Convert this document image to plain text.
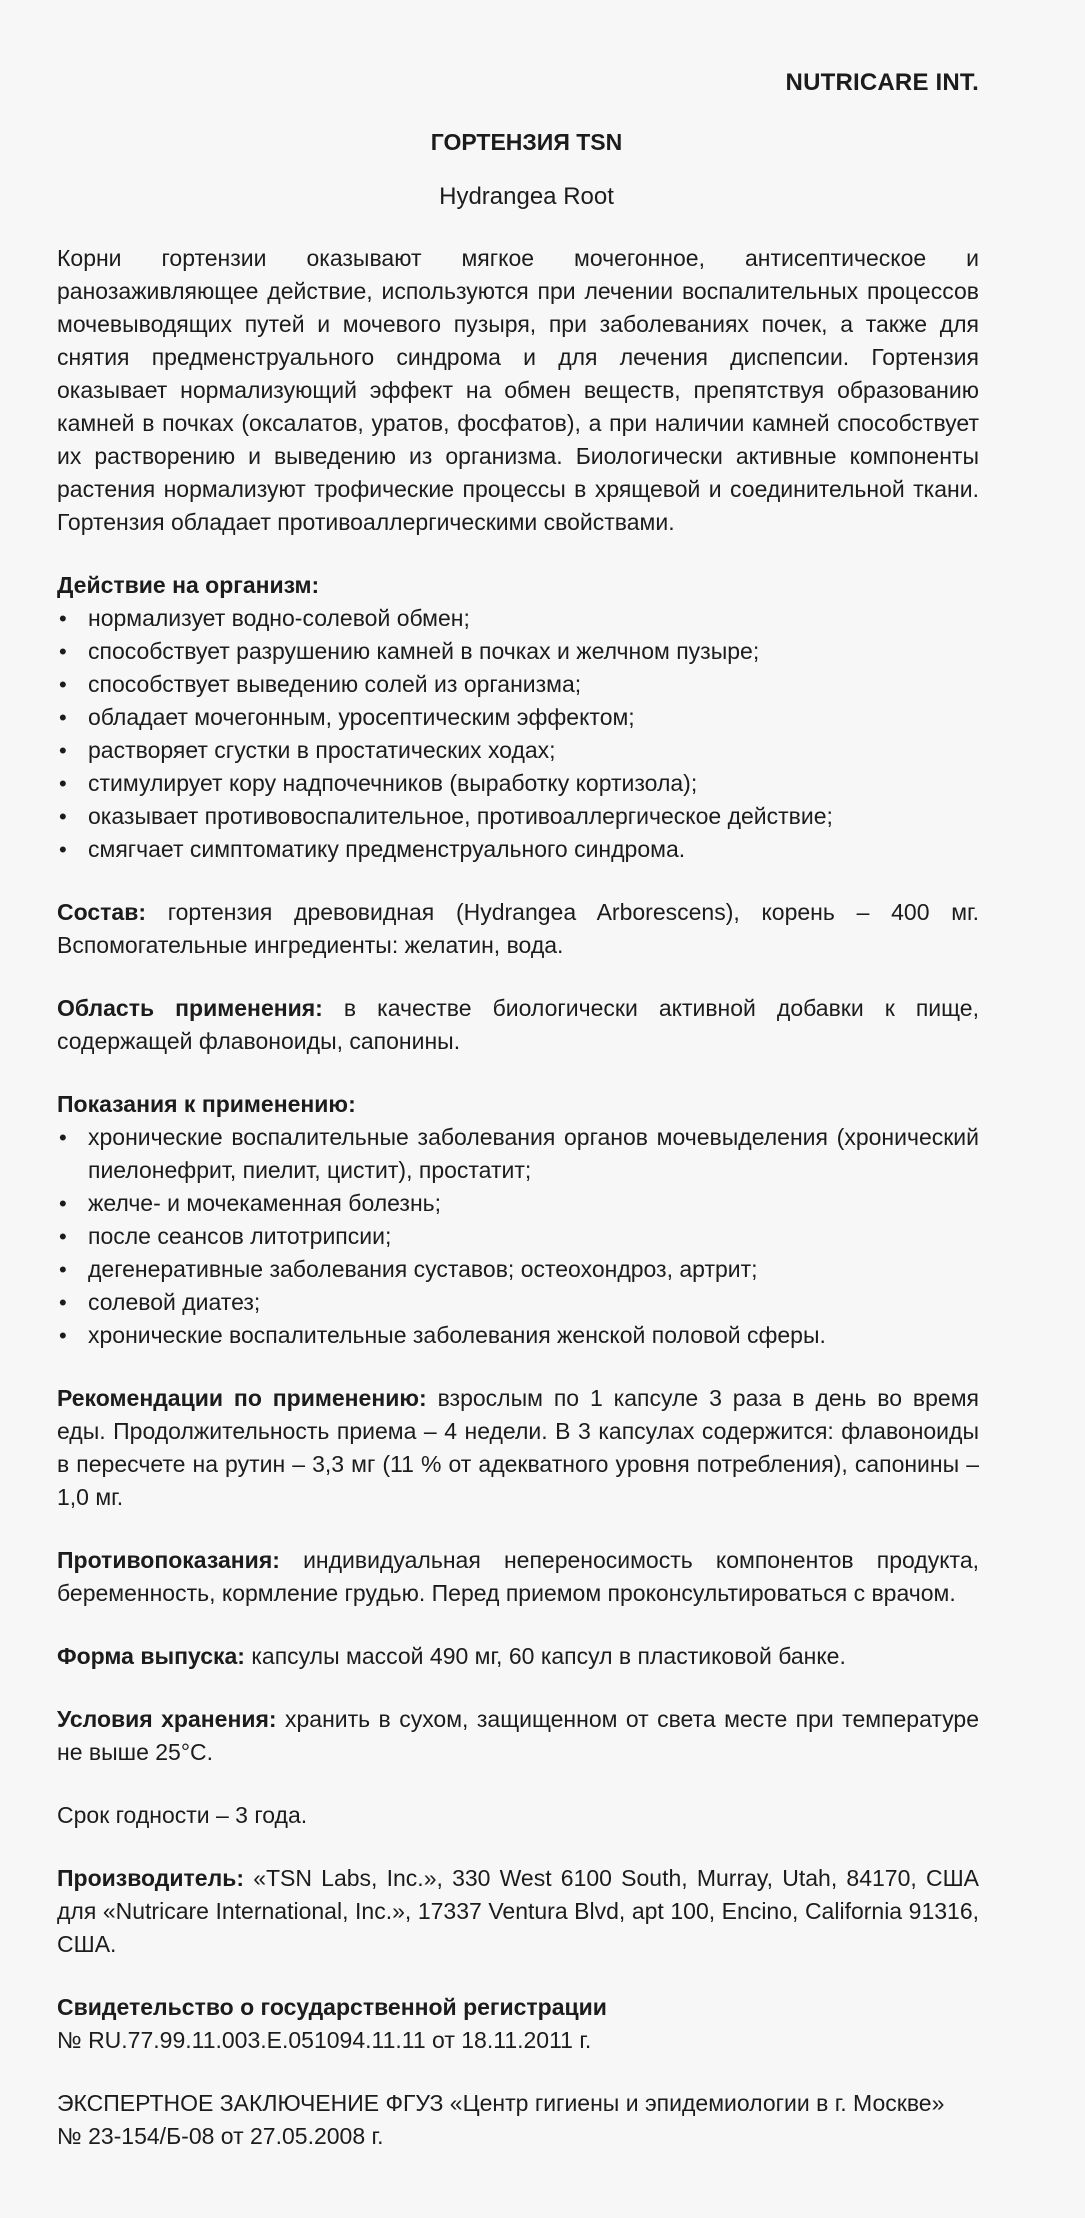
NUTRICARE INT.
ГОРТЕНЗИЯ TSN
Hydrangea Root

Корни гортензии оказывают мягкое мочегонное, антисептическое и ранозаживляющее действие, используются при лечении воспалительных процессов мочевыводящих путей и мочевого пузыря, при заболеваниях почек, а также для снятия предменструального синдрома и для лечения диспепсии. Гортензия оказывает нормализующий эффект на обмен веществ, препятствуя образованию камней в почках (оксалатов, уратов, фосфатов), а при наличии камней способствует их растворению и выведению из организма. Биологически активные компоненты растения нормализуют трофические процессы в хрящевой и соединительной ткани. Гортензия обладает противоаллергическими свойствами.

Действие на организм:

• нормализует водно-солевой обмен;
• способствует разрушению камней в почках и желчном пузыре;
• способствует выведению солей из организма;
• обладает мочегонным, уросептическим эффектом;
• растворяет сгустки в простатических ходах;
• стимулирует кору надпочечников (выработку кортизола);
• оказывает противовоспалительное, противоаллергическое действие;
• смягчает симптоматику предменструального синдрома.

Состав: гортензия древовидная (Hydrangea Arborescens), корень – 400 мг. Вспомогательные ингредиенты: желатин, вода.

Область применения: в качестве биологически активной добавки к пище, содержащей флавоноиды, сапонины.

Показания к применению:

• хронические воспалительные заболевания органов мочевыделения (хронический пиелонефрит, пиелит, цистит), простатит;
• желче- и мочекаменная болезнь;
• после сеансов литотрипсии;
• дегенеративные заболевания суставов; остеохондроз, артрит;
• солевой диатез;
• хронические воспалительные заболевания женской половой сферы.

Рекомендации по применению: взрослым по 1 капсуле 3 раза в день во время еды. Продолжительность приема – 4 недели. В 3 капсулах содержится: флавоноиды в пересчете на рутин – 3,3 мг (11 % от адекватного уровня потребления), сапонины – 1,0 мг.

Противопоказания: индивидуальная непереносимость компонентов продукта, беременность, кормление грудью. Перед приемом проконсультироваться с врачом.

Форма выпуска: капсулы массой 490 мг, 60 капсул в пластиковой банке.

Условия хранения: хранить в сухом, защищенном от света месте при температуре не выше 25°C.

Срок годности – 3 года.

Производитель: «TSN Labs, Inc.», 330 West 6100 South, Murray, Utah, 84170, США для «Nutricare International, Inc.», 17337 Ventura Blvd, apt 100, Encino, California 91316, США.

Свидетельство о государственной регистрации

№ RU.77.99.11.003.Е.051094.11.11 от 18.11.2011 г.

ЭКСПЕРТНОЕ ЗАКЛЮЧЕНИЕ ФГУЗ «Центр гигиены и эпидемиологии в г. Москве»

№ 23-154/Б-08 от 27.05.2008 г.
